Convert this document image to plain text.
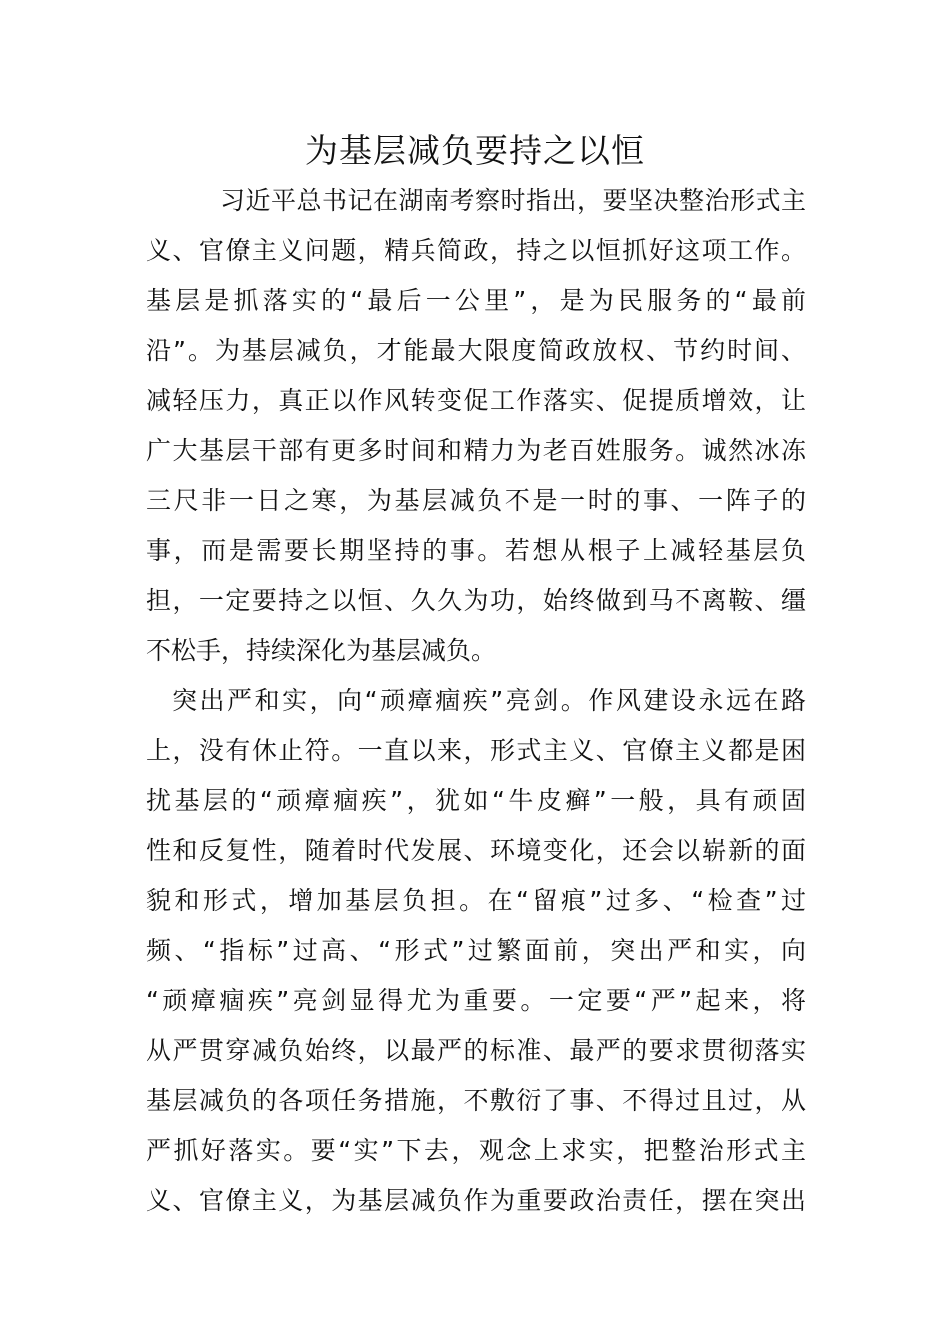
为基层减负要持之以恒

习近平总书记在湖南考察时指出，要坚决整治形式主

义、官僚主义问题，精兵简政，持之以恒抓好这项工作。

基层是抓落实的“最后一公里”，是为民服务的“最前

沿”。为基层减负，才能最大限度简政放权、节约时间、

减轻压力，真正以作风转变促工作落实、促提质增效，让

广大基层干部有更多时间和精力为老百姓服务。诚然冰冻

三尺非一日之寒，为基层减负不是一时的事、一阵子的

事，而是需要长期坚持的事。若想从根子上减轻基层负

担，一定要持之以恒、久久为功，始终做到马不离鞍、缰

不松手，持续深化为基层减负。

突出严和实，向“顽瘴痼疾”亮剑。作风建设永远在路

上，没有休止符。一直以来，形式主义、官僚主义都是困

扰基层的“顽瘴痼疾”，犹如“牛皮癣”一般，具有顽固

性和反复性，随着时代发展、环境变化，还会以崭新的面

貌和形式，增加基层负担。在“留痕”过多、“检查”过

频、“指标”过高、“形式”过繁面前，突出严和实，向

“顽瘴痼疾”亮剑显得尤为重要。一定要“严”起来，将

从严贯穿减负始终，以最严的标准、最严的要求贯彻落实

基层减负的各项任务措施，不敷衍了事、不得过且过，从

严抓好落实。要“实”下去，观念上求实，把整治形式主

义、官僚主义，为基层减负作为重要政治责任，摆在突出
